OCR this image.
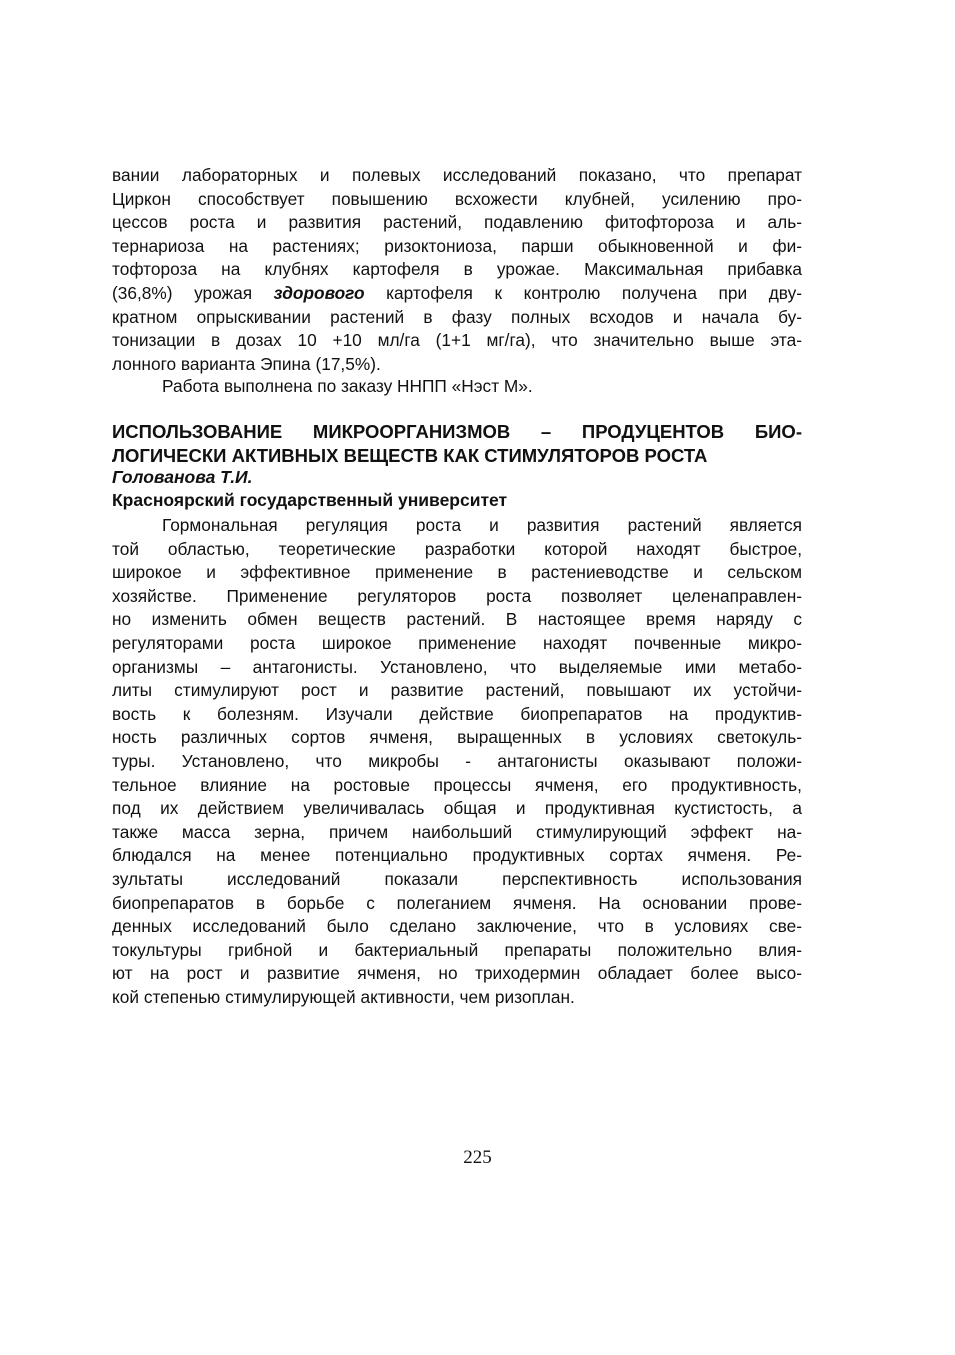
вании лабораторных и полевых исследований показано, что препарат
Циркон способствует повышению всхожести клубней, усилению про-
цессов роста и развития растений, подавлению фитофтороза и аль-
тернариоза на растениях; ризоктониоза, парши обыкновенной и фи-
тофтороза на клубнях картофеля в урожае. Максимальная прибавка
(36,8%) урожая здорового картофеля к контролю получена при дву-
кратном опрыскивании растений в фазу полных всходов и начала бу-
тонизации в дозах 10 +10 мл/га (1+1 мг/га), что значительно выше эта-
лонного варианта Эпина (17,5%).
Работа выполнена по заказу ННПП «Нэст М».
ИСПОЛЬЗОВАНИЕ МИКРООРГАНИЗМОВ – ПРОДУЦЕНТОВ БИО-
ЛОГИЧЕСКИ АКТИВНЫХ ВЕЩЕСТВ КАК СТИМУЛЯТОРОВ РОСТА
Голованова Т.И.
Красноярский государственный университет
Гормональная регуляция роста и развития растений является
той областью, теоретические разработки которой находят быстрое,
широкое и эффективное применение в растениеводстве и сельском
хозяйстве. Применение регуляторов роста позволяет целенаправлен-
но изменить обмен веществ растений. В настоящее время наряду с
регуляторами роста широкое применение находят почвенные микро-
организмы – антагонисты. Установлено, что выделяемые ими метабо-
литы стимулируют рост и развитие растений, повышают их устойчи-
вость к болезням. Изучали действие биопрепаратов на продуктив-
ность различных сортов ячменя, выращенных в условиях светокуль-
туры. Установлено, что микробы - антагонисты оказывают положи-
тельное влияние на ростовые процессы ячменя, его продуктивность,
под их действием увеличивалась общая и продуктивная кустистость, а
также масса зерна, причем наибольший стимулирующий эффект на-
блюдался на менее потенциально продуктивных сортах ячменя. Ре-
зультаты исследований показали перспективность использования
биопрепаратов в борьбе с полеганием ячменя. На основании прове-
денных исследований было сделано заключение, что в условиях све-
токультуры грибной и бактериальный препараты положительно влия-
ют на рост и развитие ячменя, но триходермин обладает более высо-
кой степенью стимулирующей активности, чем ризоплан.
225
